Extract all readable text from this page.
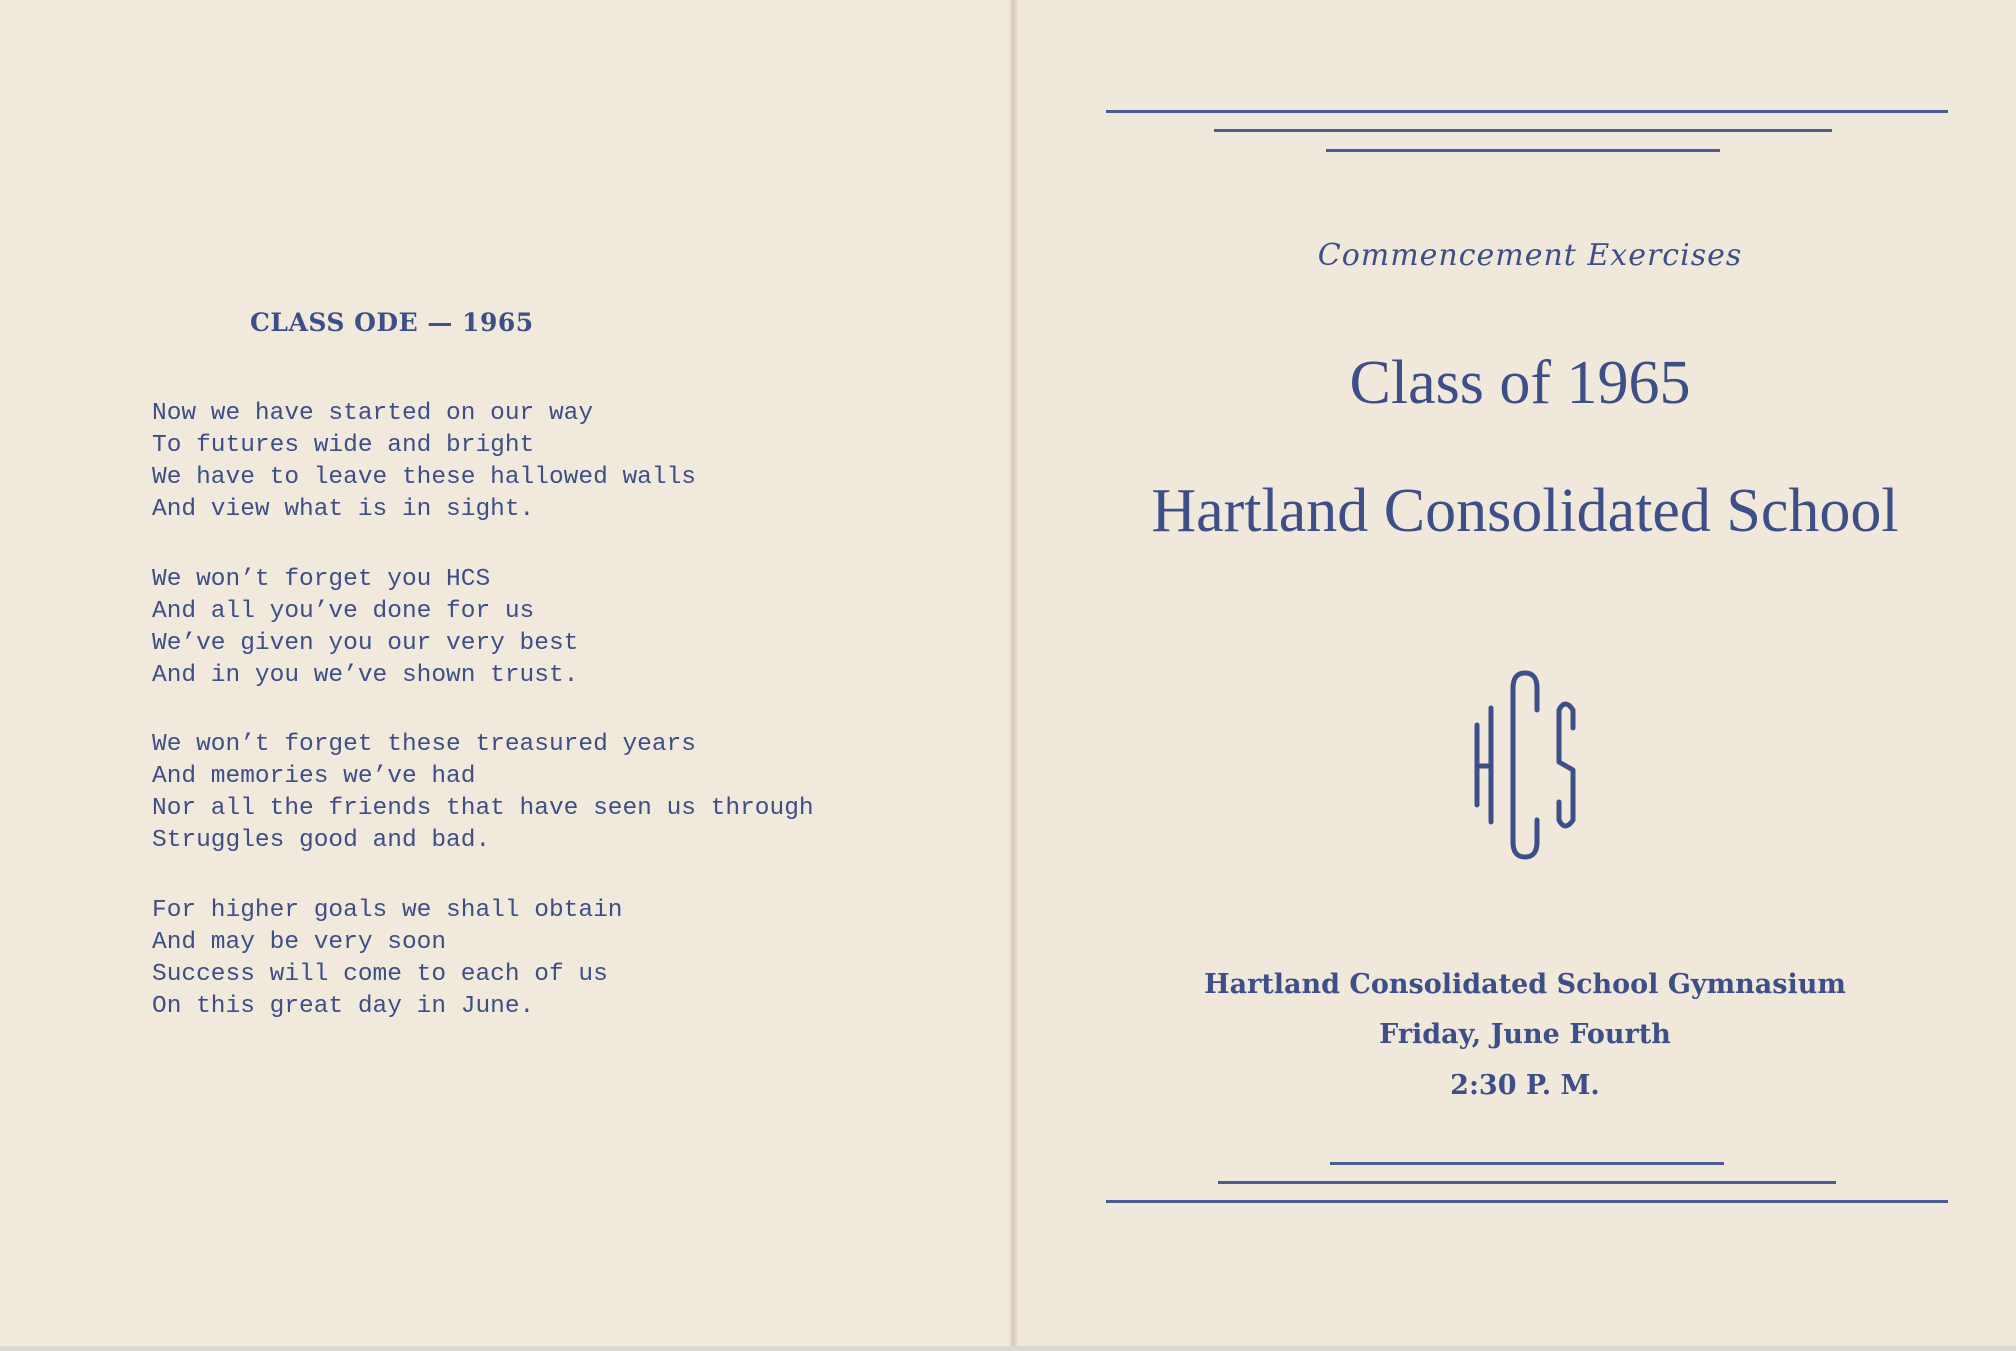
CLASS ODE — 1965
Now we have started on our way
To futures wide and bright
We have to leave these hallowed walls
And view what is in sight.
We won’t forget you HCS
And all you’ve done for us
We’ve given you our very best
And in you we’ve shown trust.
We won’t forget these treasured years
And memories we’ve had
Nor all the friends that have seen us through
Struggles good and bad.
For higher goals we shall obtain
And may be very soon
Success will come to each of us
On this great day in June.
Commencement Exercises
Class of 1965
Hartland Consolidated School
Hartland Consolidated School Gymnasium
Friday, June Fourth
2:30 P. M.
